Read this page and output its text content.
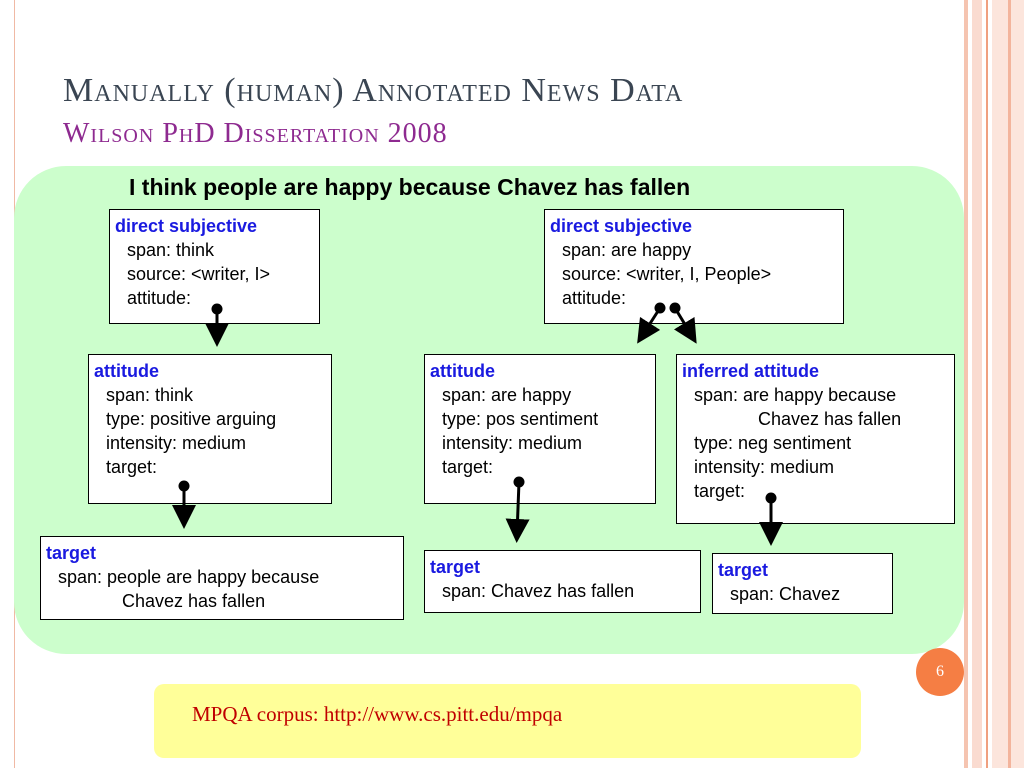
Manually (human) Annotated News Data
Wilson PhD Dissertation 2008
I think people are happy because Chavez has fallen
direct subjective
span: think
source: <writer, I>
attitude:
direct subjective
span: are happy
source: <writer, I, People>
attitude:
attitude
span: think
type: positive arguing
intensity: medium
target:
attitude
span: are happy
type: pos sentiment
intensity: medium
target:
inferred attitude
span: are happy because
Chavez has fallen
type: neg sentiment
intensity: medium
target:
target
span: people are happy because
Chavez has fallen
target
span: Chavez has fallen
target
span: Chavez
6
MPQA corpus: http://www.cs.pitt.edu/mpqa
